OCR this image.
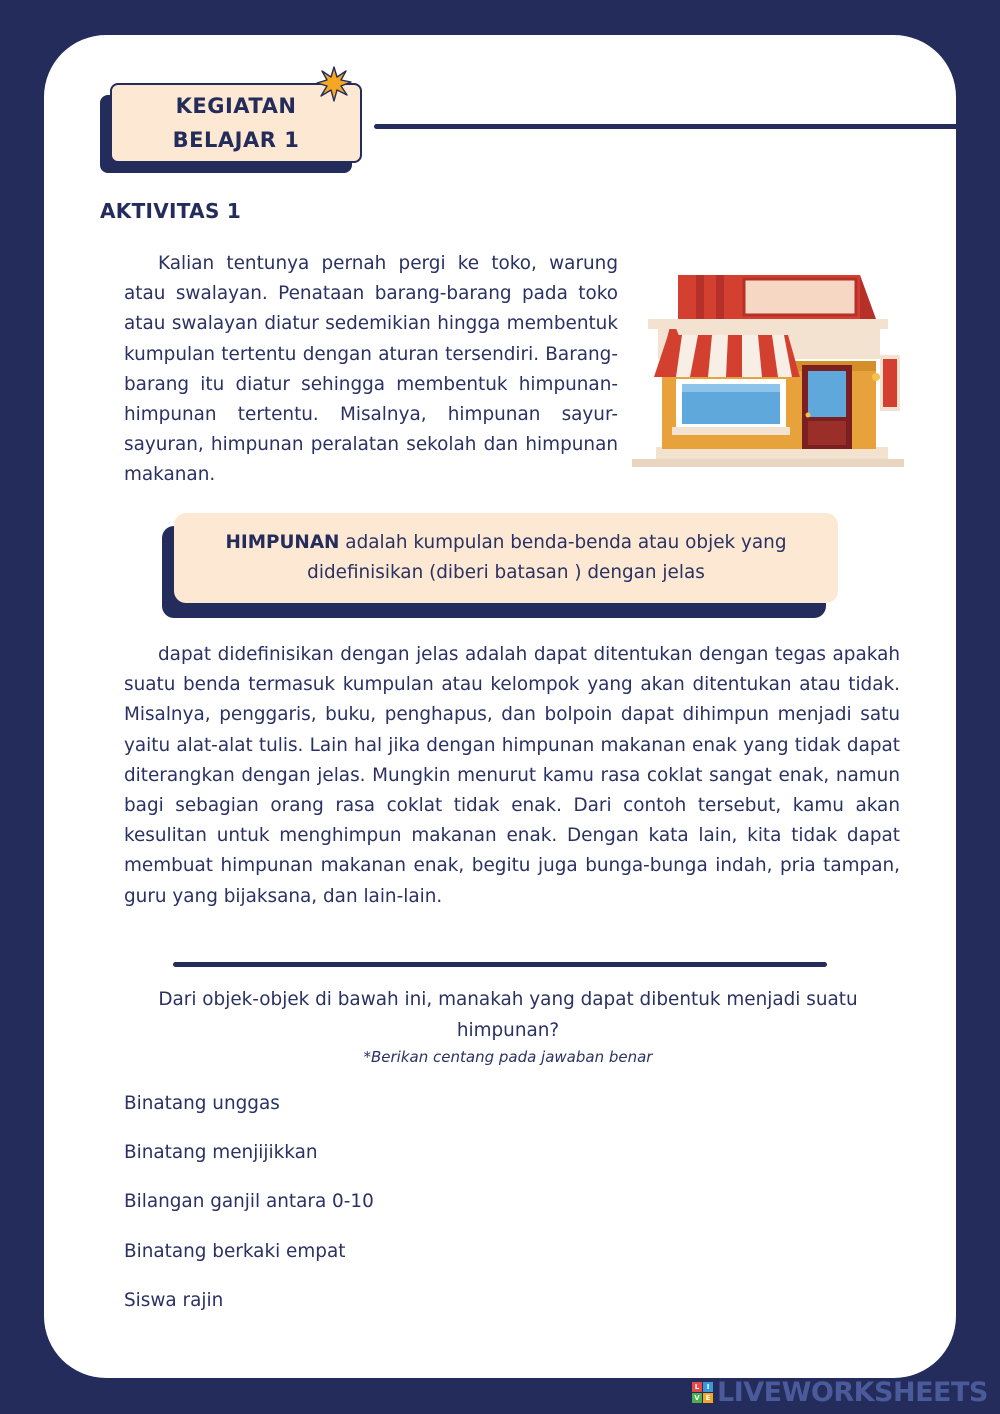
KEGIATAN
BELAJAR 1
AKTIVITAS 1

Kalian tentunya pernah pergi ke toko, warung atau swalayan. Penataan barang-barang pada toko atau swalayan diatur sedemikian hingga membentuk kumpulan tertentu dengan aturan tersendiri. Barang-barang itu diatur sehingga membentuk himpunan-himpunan tertentu. Misalnya, himpunan sayur-sayuran, himpunan peralatan sekolah dan himpunan makanan.

HIMPUNAN adalah kumpulan benda-benda atau objek yang didefinisikan (diberi batasan ) dengan jelas

dapat didefinisikan dengan jelas adalah dapat ditentukan dengan tegas apakah suatu benda termasuk kumpulan atau kelompok yang akan ditentukan atau tidak. Misalnya, penggaris, buku, penghapus, dan bolpoin dapat dihimpun menjadi satu yaitu alat-alat tulis. Lain hal jika dengan himpunan makanan enak yang tidak dapat diterangkan dengan jelas. Mungkin menurut kamu rasa coklat sangat enak, namun bagi sebagian orang rasa coklat tidak enak. Dari contoh tersebut, kamu akan kesulitan untuk menghimpun makanan enak. Dengan kata lain, kita tidak dapat membuat himpunan makanan enak, begitu juga bunga-bunga indah, pria tampan, guru yang bijaksana, dan lain-lain.

Dari objek-objek di bawah ini, manakah yang dapat dibentuk menjadi suatu himpunan?
*Berikan centang pada jawaban benar
Binatang unggas
Binatang menjijikkan
Bilangan ganjil antara 0-10
Binatang berkaki empat
Siswa rajin
L	I
V E LIVEWORKSHEETS
